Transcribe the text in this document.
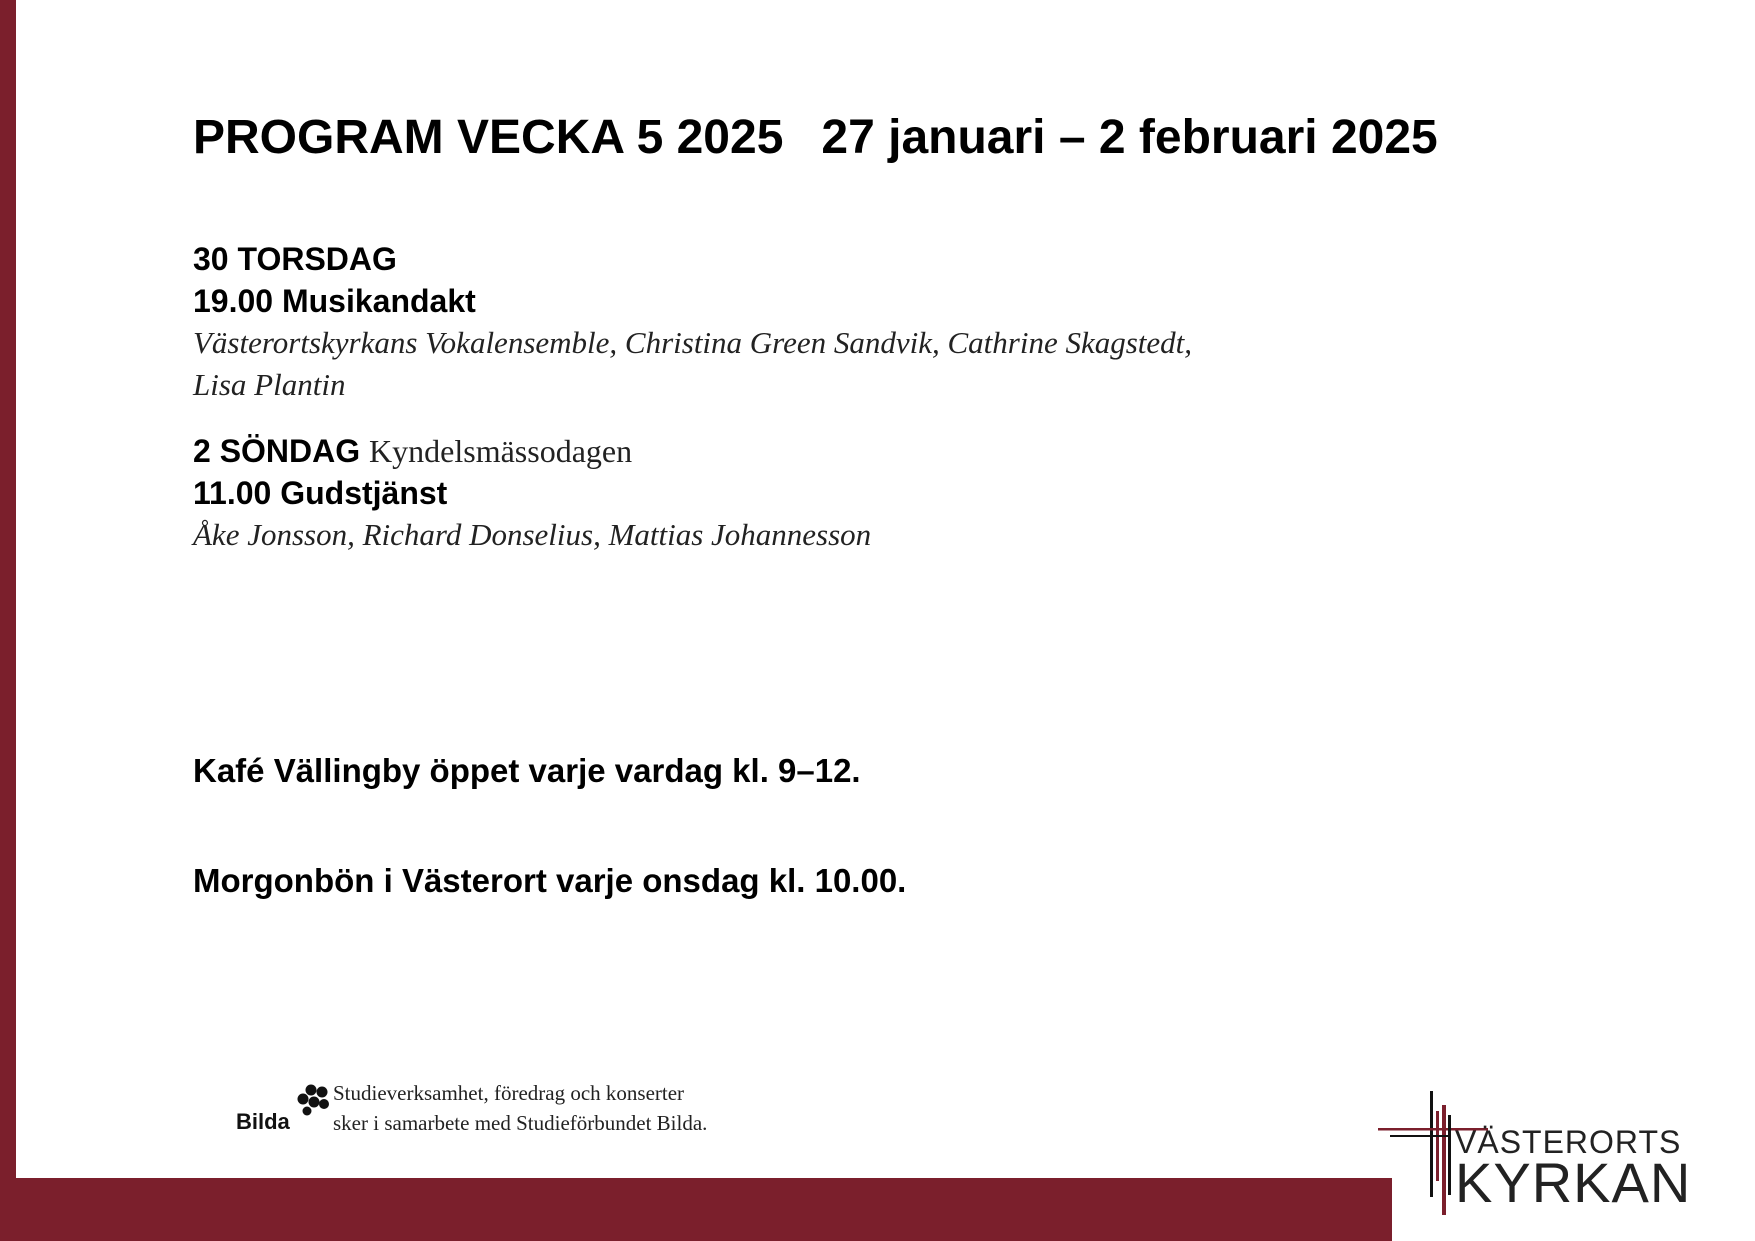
PROGRAM VECKA 5 2025 27 januari – 2 februari 2025
30 TORSDAG
19.00 Musikandakt
Västerortskyrkans Vokalensemble, Christina Green Sandvik, Cathrine Skagstedt,
Lisa Plantin
2 SÖNDAG Kyndelsmässodagen
11.00 Gudstjänst
Åke Jonsson, Richard Donselius, Mattias Johannesson
Kafé Vällingby öppet varje vardag kl. 9–12.
Morgonbön i Västerort varje onsdag kl. 10.00.
Bilda
Studieverksamhet, föredrag och konserter
sker i samarbete med Studieförbundet Bilda.
VÄSTERORTS
KYRKAN
